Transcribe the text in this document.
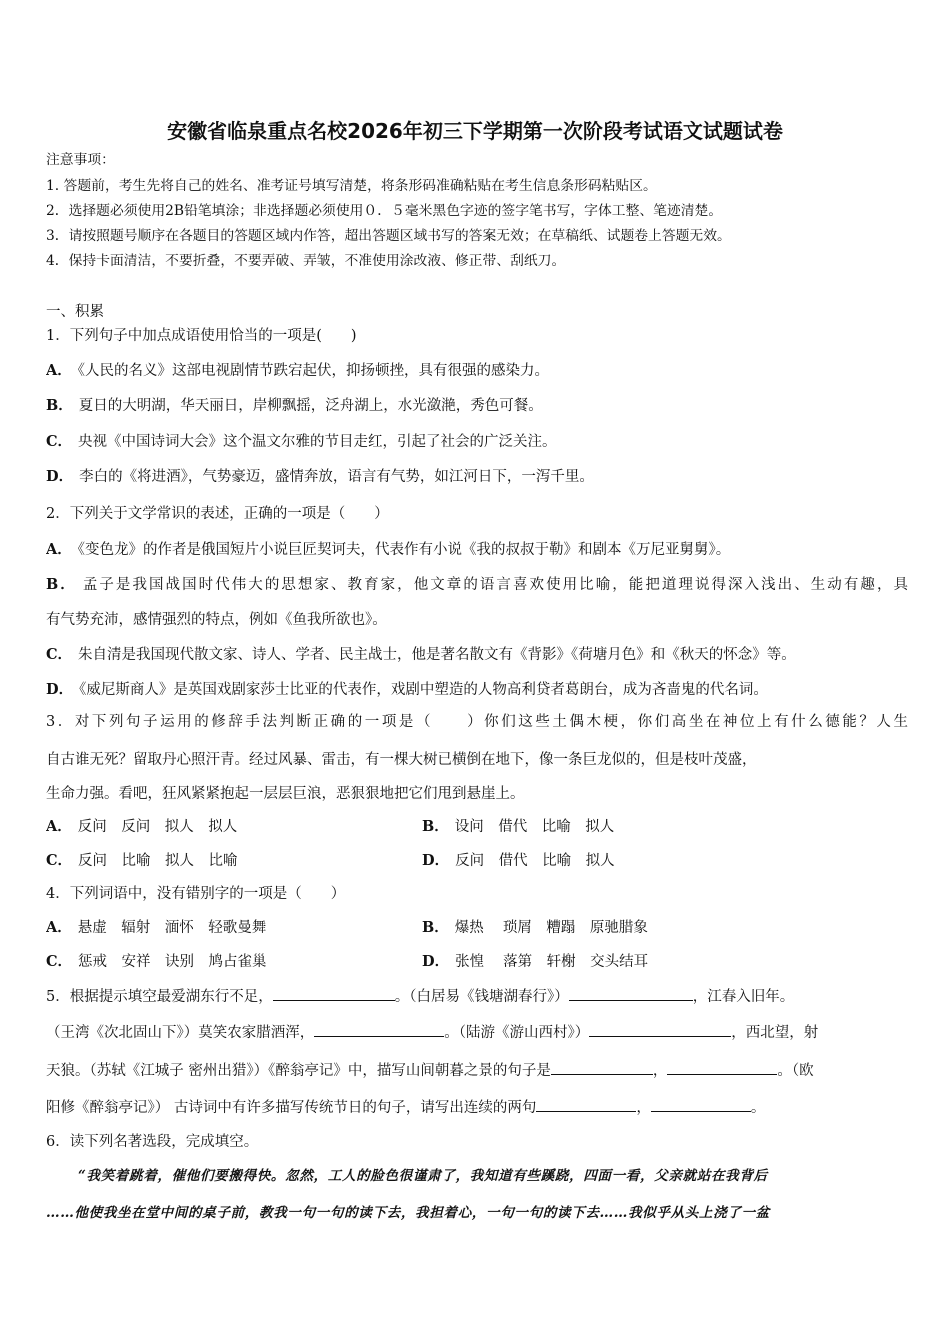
安徽省临泉重点名校2026年初三下学期第一次阶段考试语文试题试卷
注意事项：
1. 答题前，考生先将自己的姓名、准考证号填写清楚，将条形码准确粘贴在考生信息条形码粘贴区。
2．选择题必须使用2B铅笔填涂；非选择题必须使用０．５毫米黑色字迹的签字笔书写，字体工整、笔迹清楚。
3．请按照题号顺序在各题目的答题区域内作答，超出答题区域书写的答案无效；在草稿纸、试题卷上答题无效。
4．保持卡面清洁，不要折叠，不要弄破、弄皱，不准使用涂改液、修正带、刮纸刀。
一、积累
1．下列句子中加点成语使用恰当的一项是(　　)
A． 《人民的名义》这部电视剧情节跌宕起伏，抑扬顿挫，具有很强的感染力。
B． 夏日的大明湖，华天丽日，岸柳飘摇，泛舟湖上，水光潋滟，秀色可餐。
C． 央视《中国诗词大会》这个温文尔雅的节目走红，引起了社会的广泛关注。
D． 李白的《将进酒》，气势豪迈，盛情奔放，语言有气势，如江河日下，一泻千里。
2．下列关于文学常识的表述，正确的一项是（　　）
A． 《变色龙》的作者是俄国短片小说巨匠契诃夫，代表作有小说《我的叔叔于勒》和剧本《万尼亚舅舅》。
B． 孟子是我国战国时代伟大的思想家、教育家，他文章的语言喜欢使用比喻，能把道理说得深入浅出、生动有趣，具
有气势充沛，感情强烈的特点，例如《鱼我所欲也》。
C． 朱自清是我国现代散文家、诗人、学者、民主战士，他是著名散文有《背影》《荷塘月色》和《秋天的怀念》等。
D． 《威尼斯商人》是英国戏剧家莎士比亚的代表作，戏剧中塑造的人物高利贷者葛朗台，成为吝啬鬼的代名词。
3．对下列句子运用的修辞手法判断正确的一项是（　　）你们这些土偶木梗，你们高坐在神位上有什么德能？人生
自古谁无死？留取丹心照汗青。经过风暴、雷击，有一棵大树已横倒在地下，像一条巨龙似的，但是枝叶茂盛，
生命力强。看吧，狂风紧紧抱起一层层巨浪，恶狠狠地把它们甩到悬崖上。
A． 反问　反问　拟人　拟人	B． 设问　借代　比喻　拟人
C． 反问　比喻　拟人　比喻	D． 反问　借代　比喻　拟人
4．下列词语中，没有错别字的一项是（　　）
A． 悬虚　辐射　湎怀　轻歌曼舞	B． 爆热　 琐屑　糟蹋　原驰腊象
C． 惩戒　安祥　诀别　鸠占雀巢	D． 张惶　 落第　轩榭　交头结耳
5．根据提示填空最爱湖东行不足，	。（白居易《钱塘湖春行》）	，江春入旧年。
（王湾《次北固山下》）莫笑农家腊酒浑，	。（陆游《游山西村》）	，西北望，射
天狼。（苏轼《江城子 密州出猎》）《醉翁亭记》中，描写山间朝暮之景的句子是	，	。（欧
阳修《醉翁亭记》） 古诗词中有许多描写传统节日的句子，请写出连续的两句	，	。
6．读下列名著选段，完成填空。
“我笑着跳着，催他们要搬得快。忽然，工人的脸色很谨肃了，我知道有些蹊跷，四面一看，父亲就站在我背后
……他使我坐在堂中间的桌子前，教我一句一句的读下去，我担着心，一句一句的读下去……我似乎从头上浇了一盆
